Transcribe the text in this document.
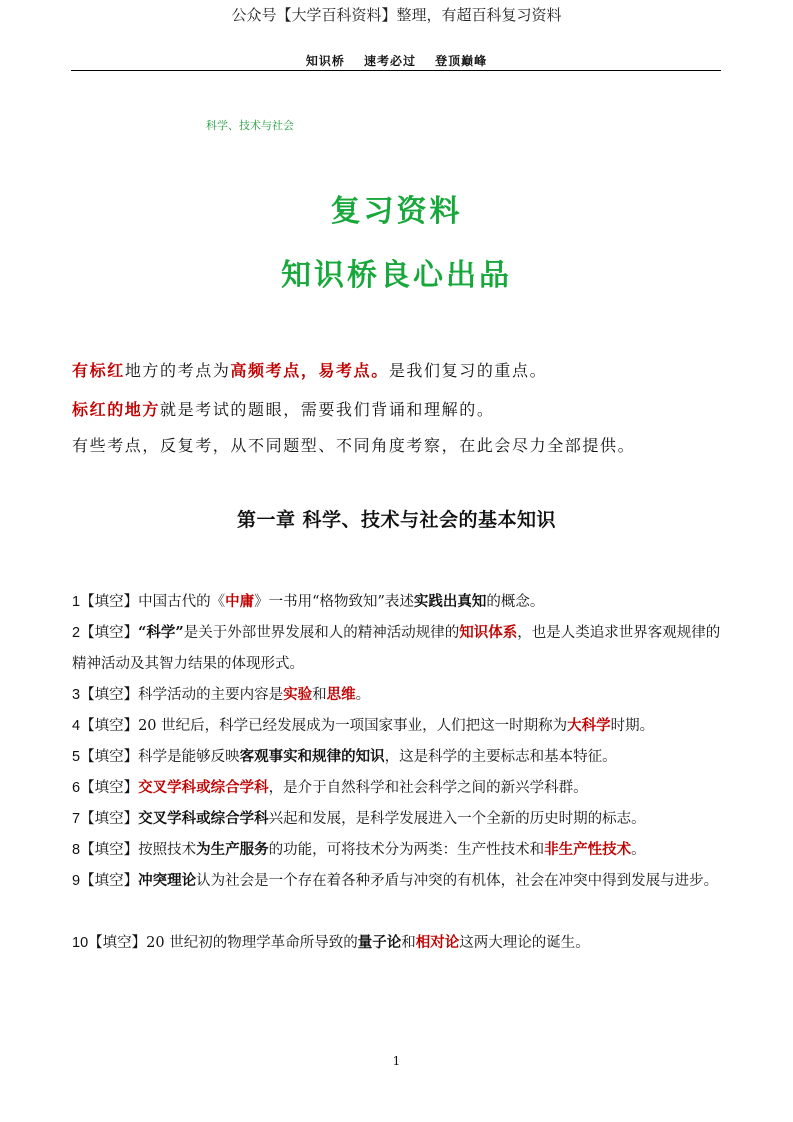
公众号【大学百科资料】整理，有超百科复习资料
知识桥 速考必过 登顶巅峰
科学、技术与社会
复习资料
知识桥良心出品
有标红地方的考点为高频考点，易考点。是我们复习的重点。
标红的地方就是考试的题眼，需要我们背诵和理解的。
有些考点，反复考，从不同题型、不同角度考察，在此会尽力全部提供。
第一章 科学、技术与社会的基本知识
1【填空】中国古代的《中庸》一书用“格物致知”表述实践出真知的概念。
2【填空】“科学”是关于外部世界发展和人的精神活动规律的知识体系，也是人类追求世界客观规律的精神活动及其智力结果的体现形式。
3【填空】科学活动的主要内容是实验和思维。
4【填空】20 世纪后，科学已经发展成为一项国家事业，人们把这一时期称为大科学时期。
5【填空】科学是能够反映客观事实和规律的知识，这是科学的主要标志和基本特征。
6【填空】交叉学科或综合学科，是介于自然科学和社会科学之间的新兴学科群。
7【填空】交叉学科或综合学科兴起和发展，是科学发展进入一个全新的历史时期的标志。
8【填空】按照技术为生产服务的功能，可将技术分为两类：生产性技术和非生产性技术。
9【填空】冲突理论认为社会是一个存在着各种矛盾与冲突的有机体，社会在冲突中得到发展与进步。
10【填空】20 世纪初的物理学革命所导致的量子论和相对论这两大理论的诞生。
1
